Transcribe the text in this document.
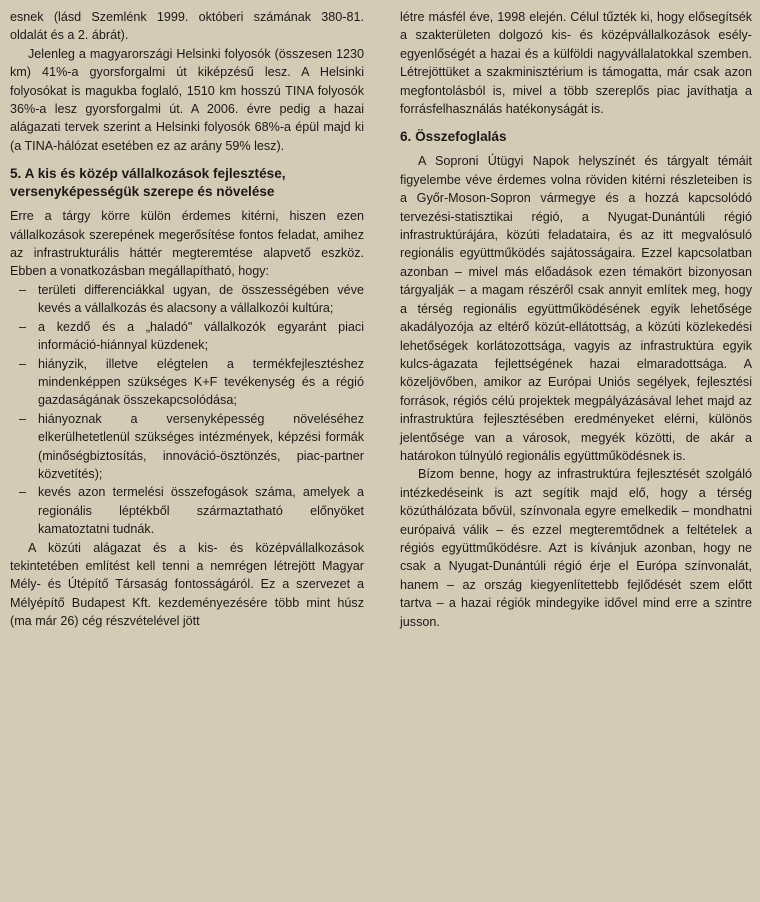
esnek (lásd Szemlénk 1999. októberi számának 380-81. oldalát és a 2. ábrát).

Jelenleg a magyarországi Helsinki folyosók (összesen 1230 km) 41%-a gyorsforgalmi út kiképzésű lesz. A Helsinki folyosókat is magukba foglaló, 1510 km hosszú TINA folyosók 36%-a lesz gyorsforgalmi út. A 2006. évre pedig a hazai alágazati tervek szerint a Helsinki folyosók 68%-a épül majd ki (a TINA-hálózat esetében ez az arány 59% lesz).

5. A kis és közép vállalkozások fejlesztése, versenyképességük szerepe és növelése

Erre a tárgy körre külön érdemes kitérni, hiszen ezen vállalkozások szerepének megerősítése fontos feladat, amihez az infrastrukturális háttér megteremtése alapvető eszköz. Ebben a vonatkozásban megállapítható, hogy:

– területi differenciákkal ugyan, de összességében véve kevés a vállalkozás és alacsony a vállalkozói kultúra;
– a kezdő és a „haladó" vállalkozók egyaránt piaci információ-hiánnyal küzdenek;
– hiányzik, illetve elégtelen a termékfejlesztéshez mindenképpen szükséges K+F tevékenység és a régió gazdaságának összekapcsolódása;
– hiányoznak a versenyképesség növeléséhez elkerülhetetlenül szükséges intézmények, képzési formák (minőségbiztosítás, innováció-ösztönzés, piac-partner közvetítés);
– kevés azon termelési összefogások száma, amelyek a regionális léptékből származtatható előnyöket kamatoztatni tudnák.

A közúti alágazat és a kis- és középvállalkozások tekintetében említést kell tenni a nemrégen létrejött Magyar Mély- és Útépítő Társaság fontosságáról. Ez a szervezet a Mélyépítő Budapest Kft. kezdeményezésére több mint húsz (ma már 26) cég részvételével jött

létre másfél éve, 1998 elején. Célul tűzték ki, hogy elősegítsék a szakterületen dolgozó kis- és középvállalkozások esély-egyenlőségét a hazai és a külföldi nagyvállalatokkal szemben. Létrejöttüket a szakminisztérium is támogatta, már csak azon megfontolásból is, mivel a több szereplős piac javíthatja a forrásfelhasználás hatékonyságát is.

6. Összefoglalás

A Soproni Útügyi Napok helyszínét és tárgyalt témáit figyelembe véve érdemes volna röviden kitérni részleteiben is a Győr-Moson-Sopron vármegye és a hozzá kapcsolódó tervezési-statisztikai régió, a Nyugat-Dunántúli régió infrastruktúrájára, közúti feladataira, és az itt megvalósuló regionális együttműködés sajátosságaira. Ezzel kapcsolatban azonban – mivel más előadások ezen témakört bizonyosan tárgyalják – a magam részéről csak annyit említek meg, hogy a térség regionális együttműködésének egyik lehetősége akadályozója az eltérő közút-ellátottság, a közúti közlekedési lehetőségek korlátozottsága, vagyis az infrastruktúra egyik kulcs-ágazata fejlettségének hazai elmaradottsága. A közeljövőben, amikor az Európai Uniós segélyek, fejlesztési források, régiós célú projektek megpályázásával lehet majd az infrastruktúra fejlesztésében eredményeket elérni, különös jelentősége van a városok, megyék közötti, de akár a határokon túlnyúló regionális együttműködésnek is.

Bízom benne, hogy az infrastruktúra fejlesztését szolgáló intézkedéseink is azt segítik majd elő, hogy a térség közúthálózata bővül, színvonala egyre emelkedik – mondhatni európaivá válik – és ezzel megteremtődnek a feltételek a régiós együttműködésre. Azt is kívánjuk azonban, hogy ne csak a Nyugat-Dunántúli régió érje el Európa színvonalát, hanem – az ország kiegyenlítettebb fejlődését szem előtt tartva – a hazai régiók mindegyike idővel mind erre a szintre jusson.
